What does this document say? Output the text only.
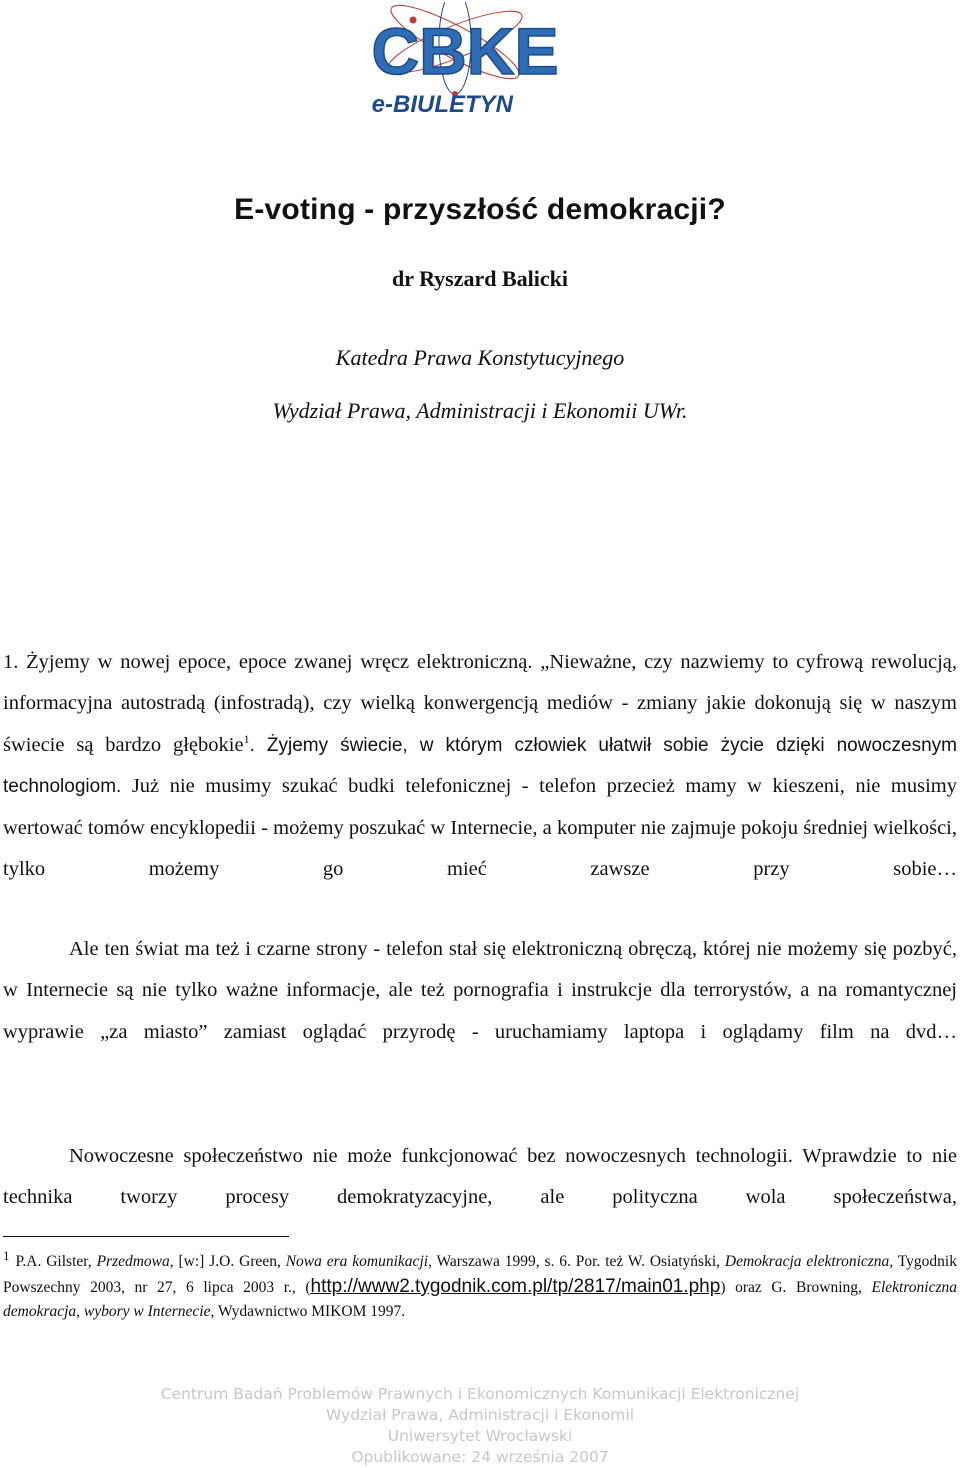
CBKE
e-BIULETYN
E-voting - przyszłość demokracji?
dr Ryszard Balicki
Katedra Prawa Konstytucyjnego
Wydział Prawa, Administracji i Ekonomii UWr.

1. Żyjemy w nowej epoce, epoce zwanej wręcz elektroniczną. „Nieważne, czy nazwiemy to cyfrową rewolucją, informacyjna autostradą (infostradą), czy wielką konwergencją mediów - zmiany jakie dokonują się w naszym świecie są bardzo głębokie$^1$. Żyjemy świecie, w którym człowiek ułatwił sobie życie dzięki nowoczesnym technologiom. Już nie musimy szukać budki telefonicznej - telefon przecież mamy w kieszeni, nie musimy wertować tomów encyklopedii - możemy poszukać w Internecie, a komputer nie zajmuje pokoju średniej wielkości, tylko możemy go mieć zawsze przy sobie…

Ale ten świat ma też i czarne strony - telefon stał się elektroniczną obręczą, której nie możemy się pozbyć, w Internecie są nie tylko ważne informacje, ale też pornografia i instrukcje dla terrorystów, a na romantycznej wyprawie „za miasto” zamiast oglądać przyrodę - uruchamiamy laptopa i oglądamy film na dvd…

Nowoczesne społeczeństwo nie może funkcjonować bez nowoczesnych technologii. Wprawdzie to nie technika tworzy procesy demokratyzacyjne, ale polityczna wola społeczeństwa,

$^1$ P.A. Gilster, Przedmowa, [w:] J.O. Green, Nowa era komunikacji, Warszawa 1999, s. 6. Por. też W. Osiatyński, Demokracja elektroniczna, Tygodnik Powszechny 2003, nr 27, 6 lipca 2003 r., (http://www2.tygodnik.com.pl/tp/2817/main01.php) oraz G. Browning, Elektroniczna demokracja, wybory w Internecie, Wydawnictwo MIKOM 1997.

Centrum Badań Problemów Prawnych i Ekonomicznych Komunikacji Elektronicznej
Wydział Prawa, Administracji i Ekonomii
Uniwersytet Wrocławski
Opublikowane: 24 września 2007
